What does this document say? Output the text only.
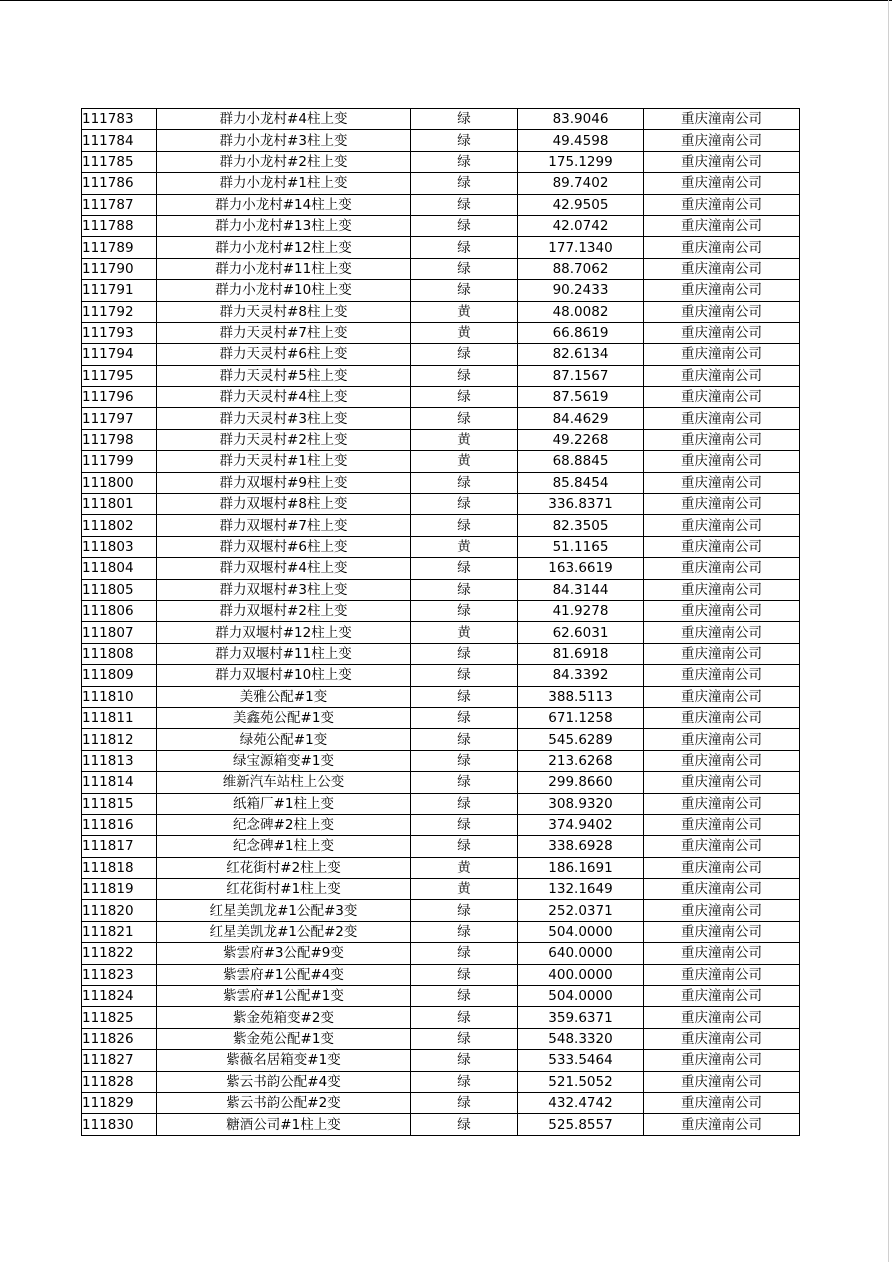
111783	群力小龙村#4柱上变	绿	83.9046	重庆潼南公司
111784	群力小龙村#3柱上变	绿	49.4598	重庆潼南公司
111785	群力小龙村#2柱上变	绿	175.1299	重庆潼南公司
111786	群力小龙村#1柱上变	绿	89.7402	重庆潼南公司
111787	群力小龙村#14柱上变	绿	42.9505	重庆潼南公司
111788	群力小龙村#13柱上变	绿	42.0742	重庆潼南公司
111789	群力小龙村#12柱上变	绿	177.1340	重庆潼南公司
111790	群力小龙村#11柱上变	绿	88.7062	重庆潼南公司
111791	群力小龙村#10柱上变	绿	90.2433	重庆潼南公司
111792	群力天灵村#8柱上变	黄	48.0082	重庆潼南公司
111793	群力天灵村#7柱上变	黄	66.8619	重庆潼南公司
111794	群力天灵村#6柱上变	绿	82.6134	重庆潼南公司
111795	群力天灵村#5柱上变	绿	87.1567	重庆潼南公司
111796	群力天灵村#4柱上变	绿	87.5619	重庆潼南公司
111797	群力天灵村#3柱上变	绿	84.4629	重庆潼南公司
111798	群力天灵村#2柱上变	黄	49.2268	重庆潼南公司
111799	群力天灵村#1柱上变	黄	68.8845	重庆潼南公司
111800	群力双堰村#9柱上变	绿	85.8454	重庆潼南公司
111801	群力双堰村#8柱上变	绿	336.8371	重庆潼南公司
111802	群力双堰村#7柱上变	绿	82.3505	重庆潼南公司
111803	群力双堰村#6柱上变	黄	51.1165	重庆潼南公司
111804	群力双堰村#4柱上变	绿	163.6619	重庆潼南公司
111805	群力双堰村#3柱上变	绿	84.3144	重庆潼南公司
111806	群力双堰村#2柱上变	绿	41.9278	重庆潼南公司
111807	群力双堰村#12柱上变	黄	62.6031	重庆潼南公司
111808	群力双堰村#11柱上变	绿	81.6918	重庆潼南公司
111809	群力双堰村#10柱上变	绿	84.3392	重庆潼南公司
111810	美雅公配#1变	绿	388.5113	重庆潼南公司
111811	美鑫苑公配#1变	绿	671.1258	重庆潼南公司
111812	绿苑公配#1变	绿	545.6289	重庆潼南公司
111813	绿宝源箱变#1变	绿	213.6268	重庆潼南公司
111814	维新汽车站柱上公变	绿	299.8660	重庆潼南公司
111815	纸箱厂#1柱上变	绿	308.9320	重庆潼南公司
111816	纪念碑#2柱上变	绿	374.9402	重庆潼南公司
111817	纪念碑#1柱上变	绿	338.6928	重庆潼南公司
111818	红花街村#2柱上变	黄	186.1691	重庆潼南公司
111819	红花街村#1柱上变	黄	132.1649	重庆潼南公司
111820	红星美凯龙#1公配#3变	绿	252.0371	重庆潼南公司
111821	红星美凯龙#1公配#2变	绿	504.0000	重庆潼南公司
111822	紫雲府#3公配#9变	绿	640.0000	重庆潼南公司
111823	紫雲府#1公配#4变	绿	400.0000	重庆潼南公司
111824	紫雲府#1公配#1变	绿	504.0000	重庆潼南公司
111825	紫金苑箱变#2变	绿	359.6371	重庆潼南公司
111826	紫金苑公配#1变	绿	548.3320	重庆潼南公司
111827	紫薇名居箱变#1变	绿	533.5464	重庆潼南公司
111828	紫云书韵公配#4变	绿	521.5052	重庆潼南公司
111829	紫云书韵公配#2变	绿	432.4742	重庆潼南公司
111830	糖酒公司#1柱上变	绿	525.8557	重庆潼南公司
